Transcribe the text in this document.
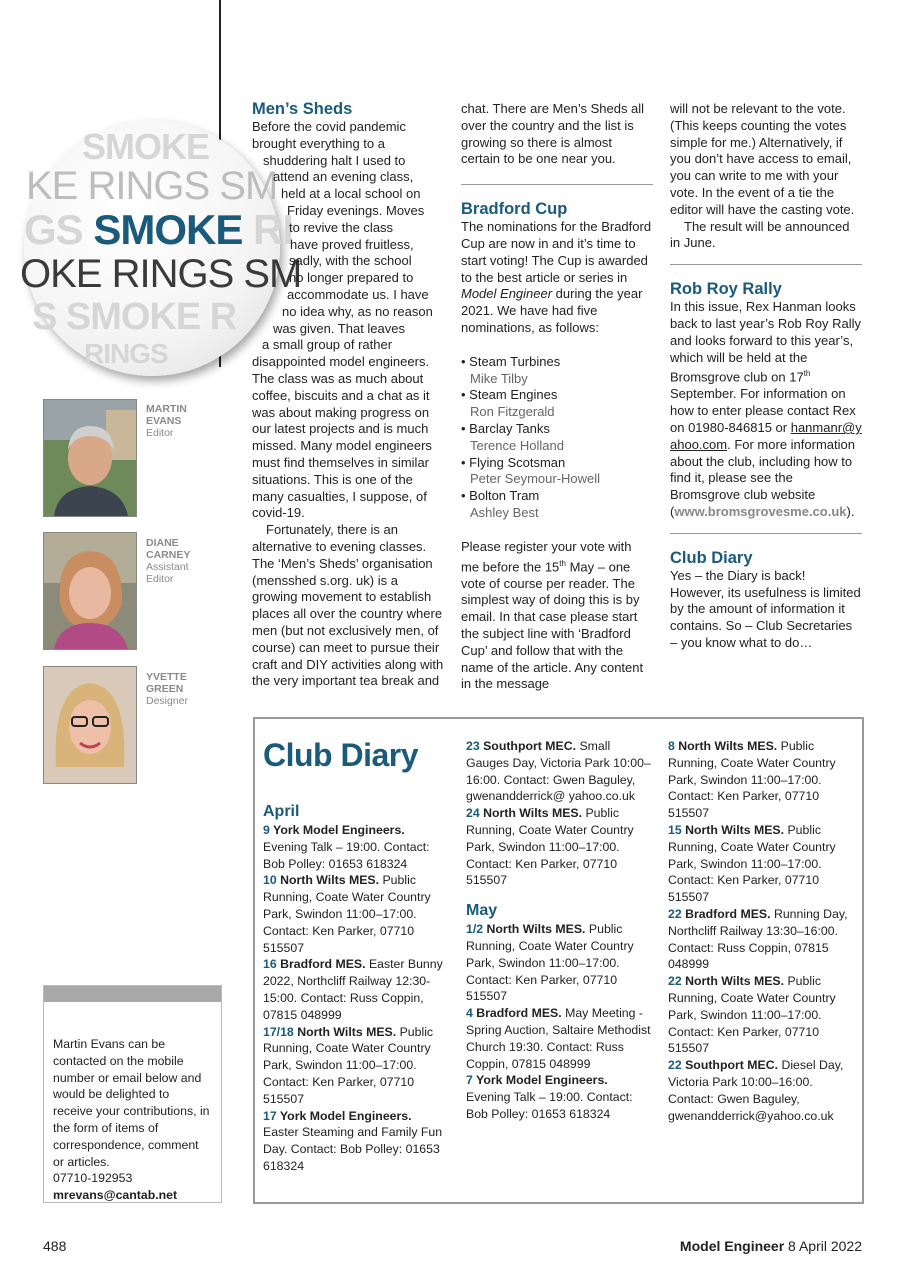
SMOKE
KE RINGS SM
GS SMOKE RI
OKE RINGS SM
S SMOKE R
RINGS
MARTIN EVANS
Editor
DIANE CARNEY
Assistant Editor
YVETTE GREEN
Designer
Martin Evans can be contacted on the mobile number or email below and would be delighted to receive your contributions, in the form of items of correspondence, comment or articles.
07710-192953
mrevans@cantab.net
Men’s Sheds
Before the covid pandemic
brought everything to a
shuddering halt I used to
attend an evening class,
held at a local school on
Friday evenings. Moves
to revive the class
have proved fruitless,
sadly, with the school
no longer prepared to
accommodate us. I have
no idea why, as no reason
was given. That leaves
a small group of rather
disappointed model engineers. The class was as much about coffee, biscuits and a chat as it was about making progress on our latest projects and is much missed. Many model engineers must find themselves in similar situations. This is one of the many casualties, I suppose, of covid-19.
Fortunately, there is an alternative to evening classes. The ‘Men’s Sheds’ organisation (mensshed s.org. uk) is a growing movement to establish places all over the country where men (but not exclusively men, of course) can meet to pursue their craft and DIY activities along with the very important tea break and
chat. There are Men’s Sheds all over the country and the list is growing so there is almost certain to be one near you.
Bradford Cup
The nominations for the Bradford Cup are now in and it’s time to start voting! The Cup is awarded to the best article or series in Model Engineer during the year 2021. We have had five nominations, as follows:
• Steam Turbines
Mike Tilby
• Steam Engines
Ron Fitzgerald
• Barclay Tanks
Terence Holland
• Flying Scotsman
Peter Seymour-Howell
• Bolton Tram
Ashley Best
Please register your vote with me before the 15th May – one vote of course per reader. The simplest way of doing this is by email. In that case please start the subject line with ‘Bradford Cup’ and follow that with the name of the article. Any content in the message
will not be relevant to the vote. (This keeps counting the votes simple for me.) Alternatively, if you don’t have access to email, you can write to me with your vote. In the event of a tie the editor will have the casting vote.
The result will be announced in June.
Rob Roy Rally
In this issue, Rex Hanman looks back to last year’s Rob Roy Rally and looks forward to this year’s, which will be held at the Bromsgrove club on 17th September. For information on how to enter please contact Rex on 01980-846815 or hanmanr@yahoo.com. For more information about the club, including how to find it, please see the Bromsgrove club website (www.bromsgrovesme.co.uk).
Club Diary
Yes – the Diary is back! However, its usefulness is limited by the amount of information it contains. So – Club Secretaries – you know what to do…
Club Diary
April
9 York Model Engineers. Evening Talk – 19:00. Contact: Bob Polley: 01653 618324
10 North Wilts MES. Public Running, Coate Water Country Park, Swindon 11:00–17:00. Contact: Ken Parker, 07710 515507
16 Bradford MES. Easter Bunny 2022, Northcliff Railway 12:30-15:00. Contact: Russ Coppin, 07815 048999
17/18 North Wilts MES. Public Running, Coate Water Country Park, Swindon 11:00–17:00. Contact: Ken Parker, 07710 515507
17 York Model Engineers. Easter Steaming and Family Fun Day. Contact: Bob Polley: 01653 618324
23 Southport MEC. Small Gauges Day, Victoria Park 10:00–16:00. Contact: Gwen Baguley, gwenandderrick@ yahoo.co.uk
24 North Wilts MES. Public Running, Coate Water Country Park, Swindon 11:00–17:00. Contact: Ken Parker, 07710 515507
May
1/2 North Wilts MES. Public Running, Coate Water Country Park, Swindon 11:00–17:00. Contact: Ken Parker, 07710 515507
4 Bradford MES. May Meeting - Spring Auction, Saltaire Methodist Church 19:30. Contact: Russ Coppin, 07815 048999
7 York Model Engineers. Evening Talk – 19:00. Contact: Bob Polley: 01653 618324
8 North Wilts MES. Public Running, Coate Water Country Park, Swindon 11:00–17:00. Contact: Ken Parker, 07710 515507
15 North Wilts MES. Public Running, Coate Water Country Park, Swindon 11:00–17:00. Contact: Ken Parker, 07710 515507
22 Bradford MES. Running Day, Northcliff Railway 13:30–16:00. Contact: Russ Coppin, 07815 048999
22 North Wilts MES. Public Running, Coate Water Country Park, Swindon 11:00–17:00. Contact: Ken Parker, 07710 515507
22 Southport MEC. Diesel Day, Victoria Park 10:00–16:00. Contact: Gwen Baguley, gwenandderrick@yahoo.co.uk
488	Model Engineer 8 April 2022
